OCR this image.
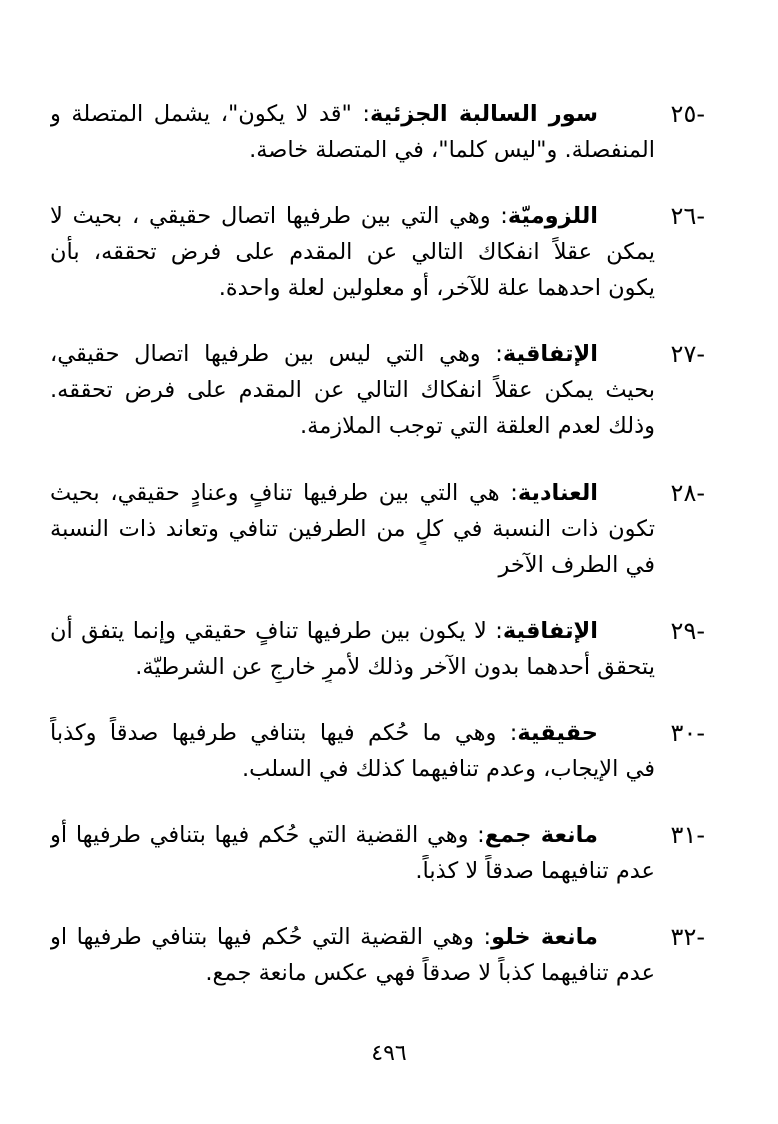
-٢٥
سور السالبة الجزئية: "قد لا يكون"، يشمل المتصلة و
المنفصلة. و"ليس كلما"، في المتصلة خاصة.
-٢٦
اللزوميّة: وهي التي بين طرفيها اتصال حقيقي ، بحيث لا
يمكن عقلاً انفكاك التالي عن المقدم على فرض تحققه، بأن
يكون احدهما علة للآخر، أو معلولين لعلة واحدة.
-٢٧
الإتفاقية: وهي التي ليس بين طرفيها اتصال حقيقي،
بحيث يمكن عقلاً انفكاك التالي عن المقدم على فرض تحققه.
وذلك لعدم العلقة التي توجب الملازمة.
-٢٨
العنادية: هي التي بين طرفيها تنافٍ وعنادٍ حقيقي، بحيث
تكون ذات النسبة في كلٍ من الطرفين تنافي وتعاند ذات النسبة
في الطرف الآخر
-٢٩
الإتفاقية: لا يكون بين طرفيها تنافٍ حقيقي وإنما يتفق أن
يتحقق أحدهما بدون الآخر وذلك لأمرٍ خارجٍ عن الشرطيّة.
-٣٠
حقيقية: وهي ما حُكم فيها بتنافي طرفيها صدقاً وكذباً
في الإيجاب، وعدم تنافيهما كذلك في السلب.
-٣١
مانعة جمع: وهي القضية التي حُكم فيها بتنافي طرفيها أو
عدم تنافيهما صدقاً لا كذباً.
-٣٢
مانعة خلو: وهي القضية التي حُكم فيها بتنافي طرفيها او
عدم تنافيهما كذباً لا صدقاً فهي عكس مانعة جمع.
٤٩٦
